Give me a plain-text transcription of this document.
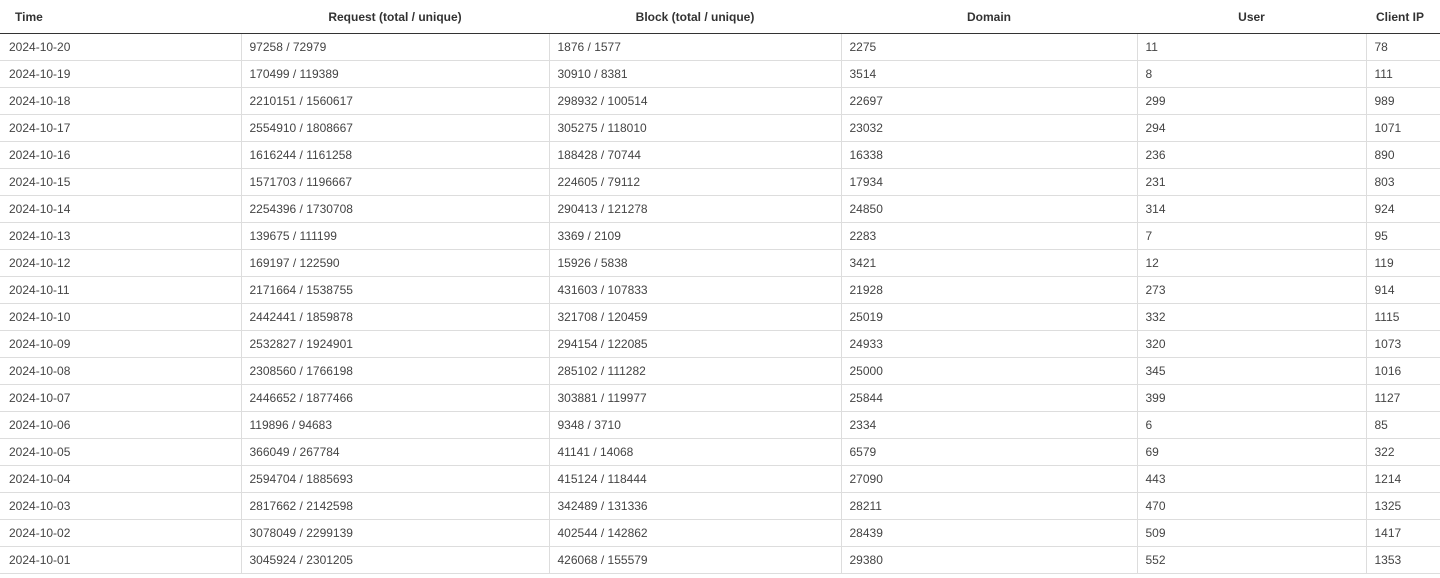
Time	Request (total / unique)	Block (total / unique)	Domain	User	Client IP
2024-10-20	97258 / 72979	1876 / 1577	2275	11	78
2024-10-19	170499 / 119389	30910 / 8381	3514	8	111
2024-10-18	2210151 / 1560617	298932 / 100514	22697	299	989
2024-10-17	2554910 / 1808667	305275 / 118010	23032	294	1071
2024-10-16	1616244 / 1161258	188428 / 70744	16338	236	890
2024-10-15	1571703 / 1196667	224605 / 79112	17934	231	803
2024-10-14	2254396 / 1730708	290413 / 121278	24850	314	924
2024-10-13	139675 / 111199	3369 / 2109	2283	7	95
2024-10-12	169197 / 122590	15926 / 5838	3421	12	119
2024-10-11	2171664 / 1538755	431603 / 107833	21928	273	914
2024-10-10	2442441 / 1859878	321708 / 120459	25019	332	1115
2024-10-09	2532827 / 1924901	294154 / 122085	24933	320	1073
2024-10-08	2308560 / 1766198	285102 / 111282	25000	345	1016
2024-10-07	2446652 / 1877466	303881 / 119977	25844	399	1127
2024-10-06	119896 / 94683	9348 / 3710	2334	6	85
2024-10-05	366049 / 267784	41141 / 14068	6579	69	322
2024-10-04	2594704 / 1885693	415124 / 118444	27090	443	1214
2024-10-03	2817662 / 2142598	342489 / 131336	28211	470	1325
2024-10-02	3078049 / 2299139	402544 / 142862	28439	509	1417
2024-10-01	3045924 / 2301205	426068 / 155579	29380	552	1353
